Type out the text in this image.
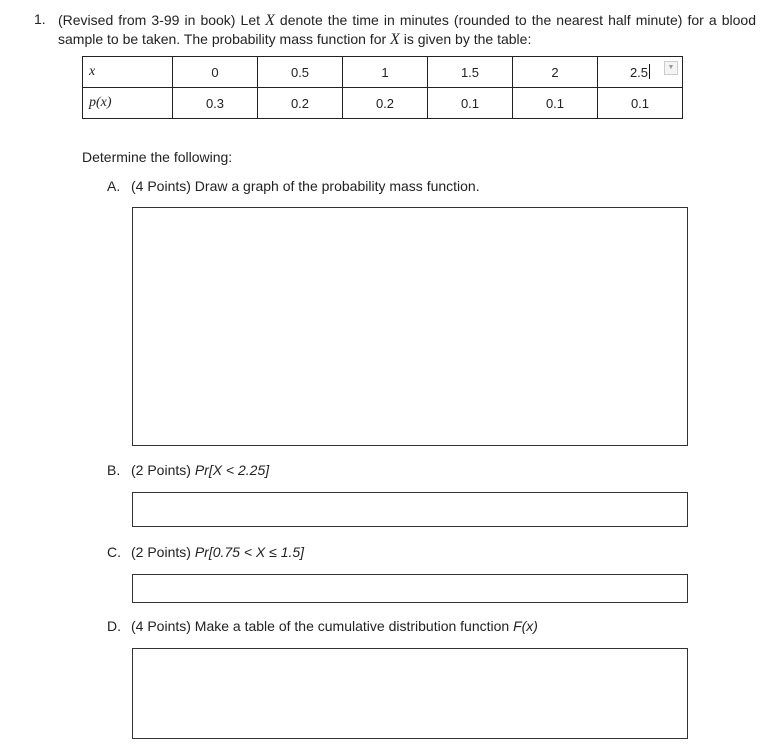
1. (Revised from 3-99 in book) Let X denote the time in minutes (rounded to the nearest half minute) for a blood sample to be taken. The probability mass function for X is given by the table:
x	0	0.5	1	1.5	2	2.5 ▼

p(x)	0.3	0.2	0.2	0.1	0.1	0.1
Determine the following:
A. (4 Points) Draw a graph of the probability mass function.
B. (2 Points) Pr[X < 2.25]
C. (2 Points) Pr[0.75 < X ≤ 1.5]
D. (4 Points) Make a table of the cumulative distribution function F(x)
